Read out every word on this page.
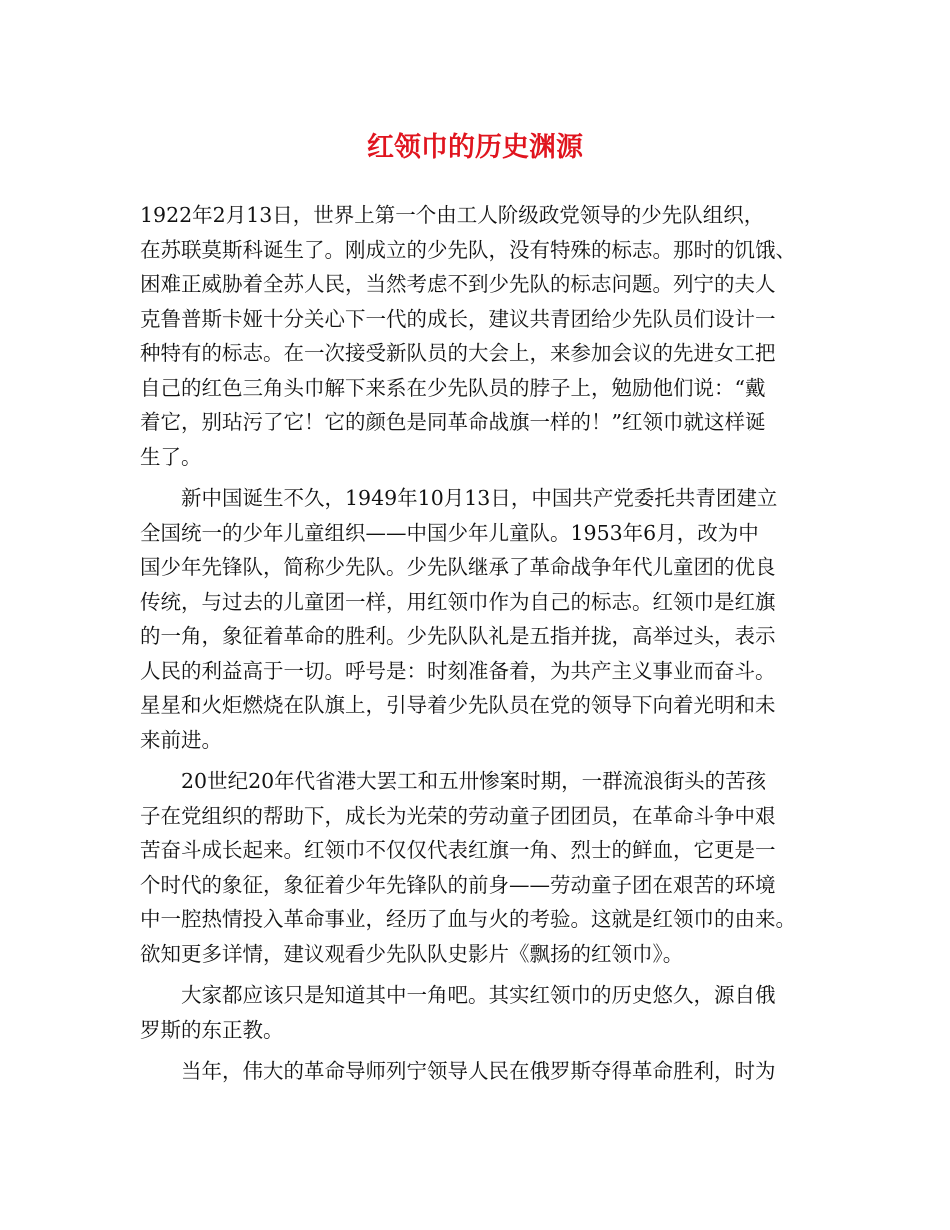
红领巾的历史渊源
1922年2月13日，世界上第一个由工人阶级政党领导的少先队组织，
在苏联莫斯科诞生了。刚成立的少先队，没有特殊的标志。那时的饥饿、
困难正威胁着全苏人民，当然考虑不到少先队的标志问题。列宁的夫人
克鲁普斯卡娅十分关心下一代的成长，建议共青团给少先队员们设计一
种特有的标志。在一次接受新队员的大会上，来参加会议的先进女工把
自己的红色三角头巾解下来系在少先队员的脖子上，勉励他们说：“戴
着它，别玷污了它！它的颜色是同革命战旗一样的！”红领巾就这样诞
生了。
　　新中国诞生不久，1949年10月13日，中国共产党委托共青团建立
全国统一的少年儿童组织——中国少年儿童队。1953年6月，改为中
国少年先锋队，简称少先队。少先队继承了革命战争年代儿童团的优良
传统，与过去的儿童团一样，用红领巾作为自己的标志。红领巾是红旗
的一角，象征着革命的胜利。少先队队礼是五指并拢，高举过头，表示
人民的利益高于一切。呼号是：时刻准备着，为共产主义事业而奋斗。
星星和火炬燃烧在队旗上，引导着少先队员在党的领导下向着光明和未
来前进。
　　20世纪20年代省港大罢工和五卅惨案时期，一群流浪街头的苦孩
子在党组织的帮助下，成长为光荣的劳动童子团团员，在革命斗争中艰
苦奋斗成长起来。红领巾不仅仅代表红旗一角、烈士的鲜血，它更是一
个时代的象征，象征着少年先锋队的前身——劳动童子团在艰苦的环境
中一腔热情投入革命事业，经历了血与火的考验。这就是红领巾的由来。
欲知更多详情，建议观看少先队队史影片《飘扬的红领巾》。
　　大家都应该只是知道其中一角吧。其实红领巾的历史悠久，源自俄
罗斯的东正教。
　　当年，伟大的革命导师列宁领导人民在俄罗斯夺得革命胜利，时为
